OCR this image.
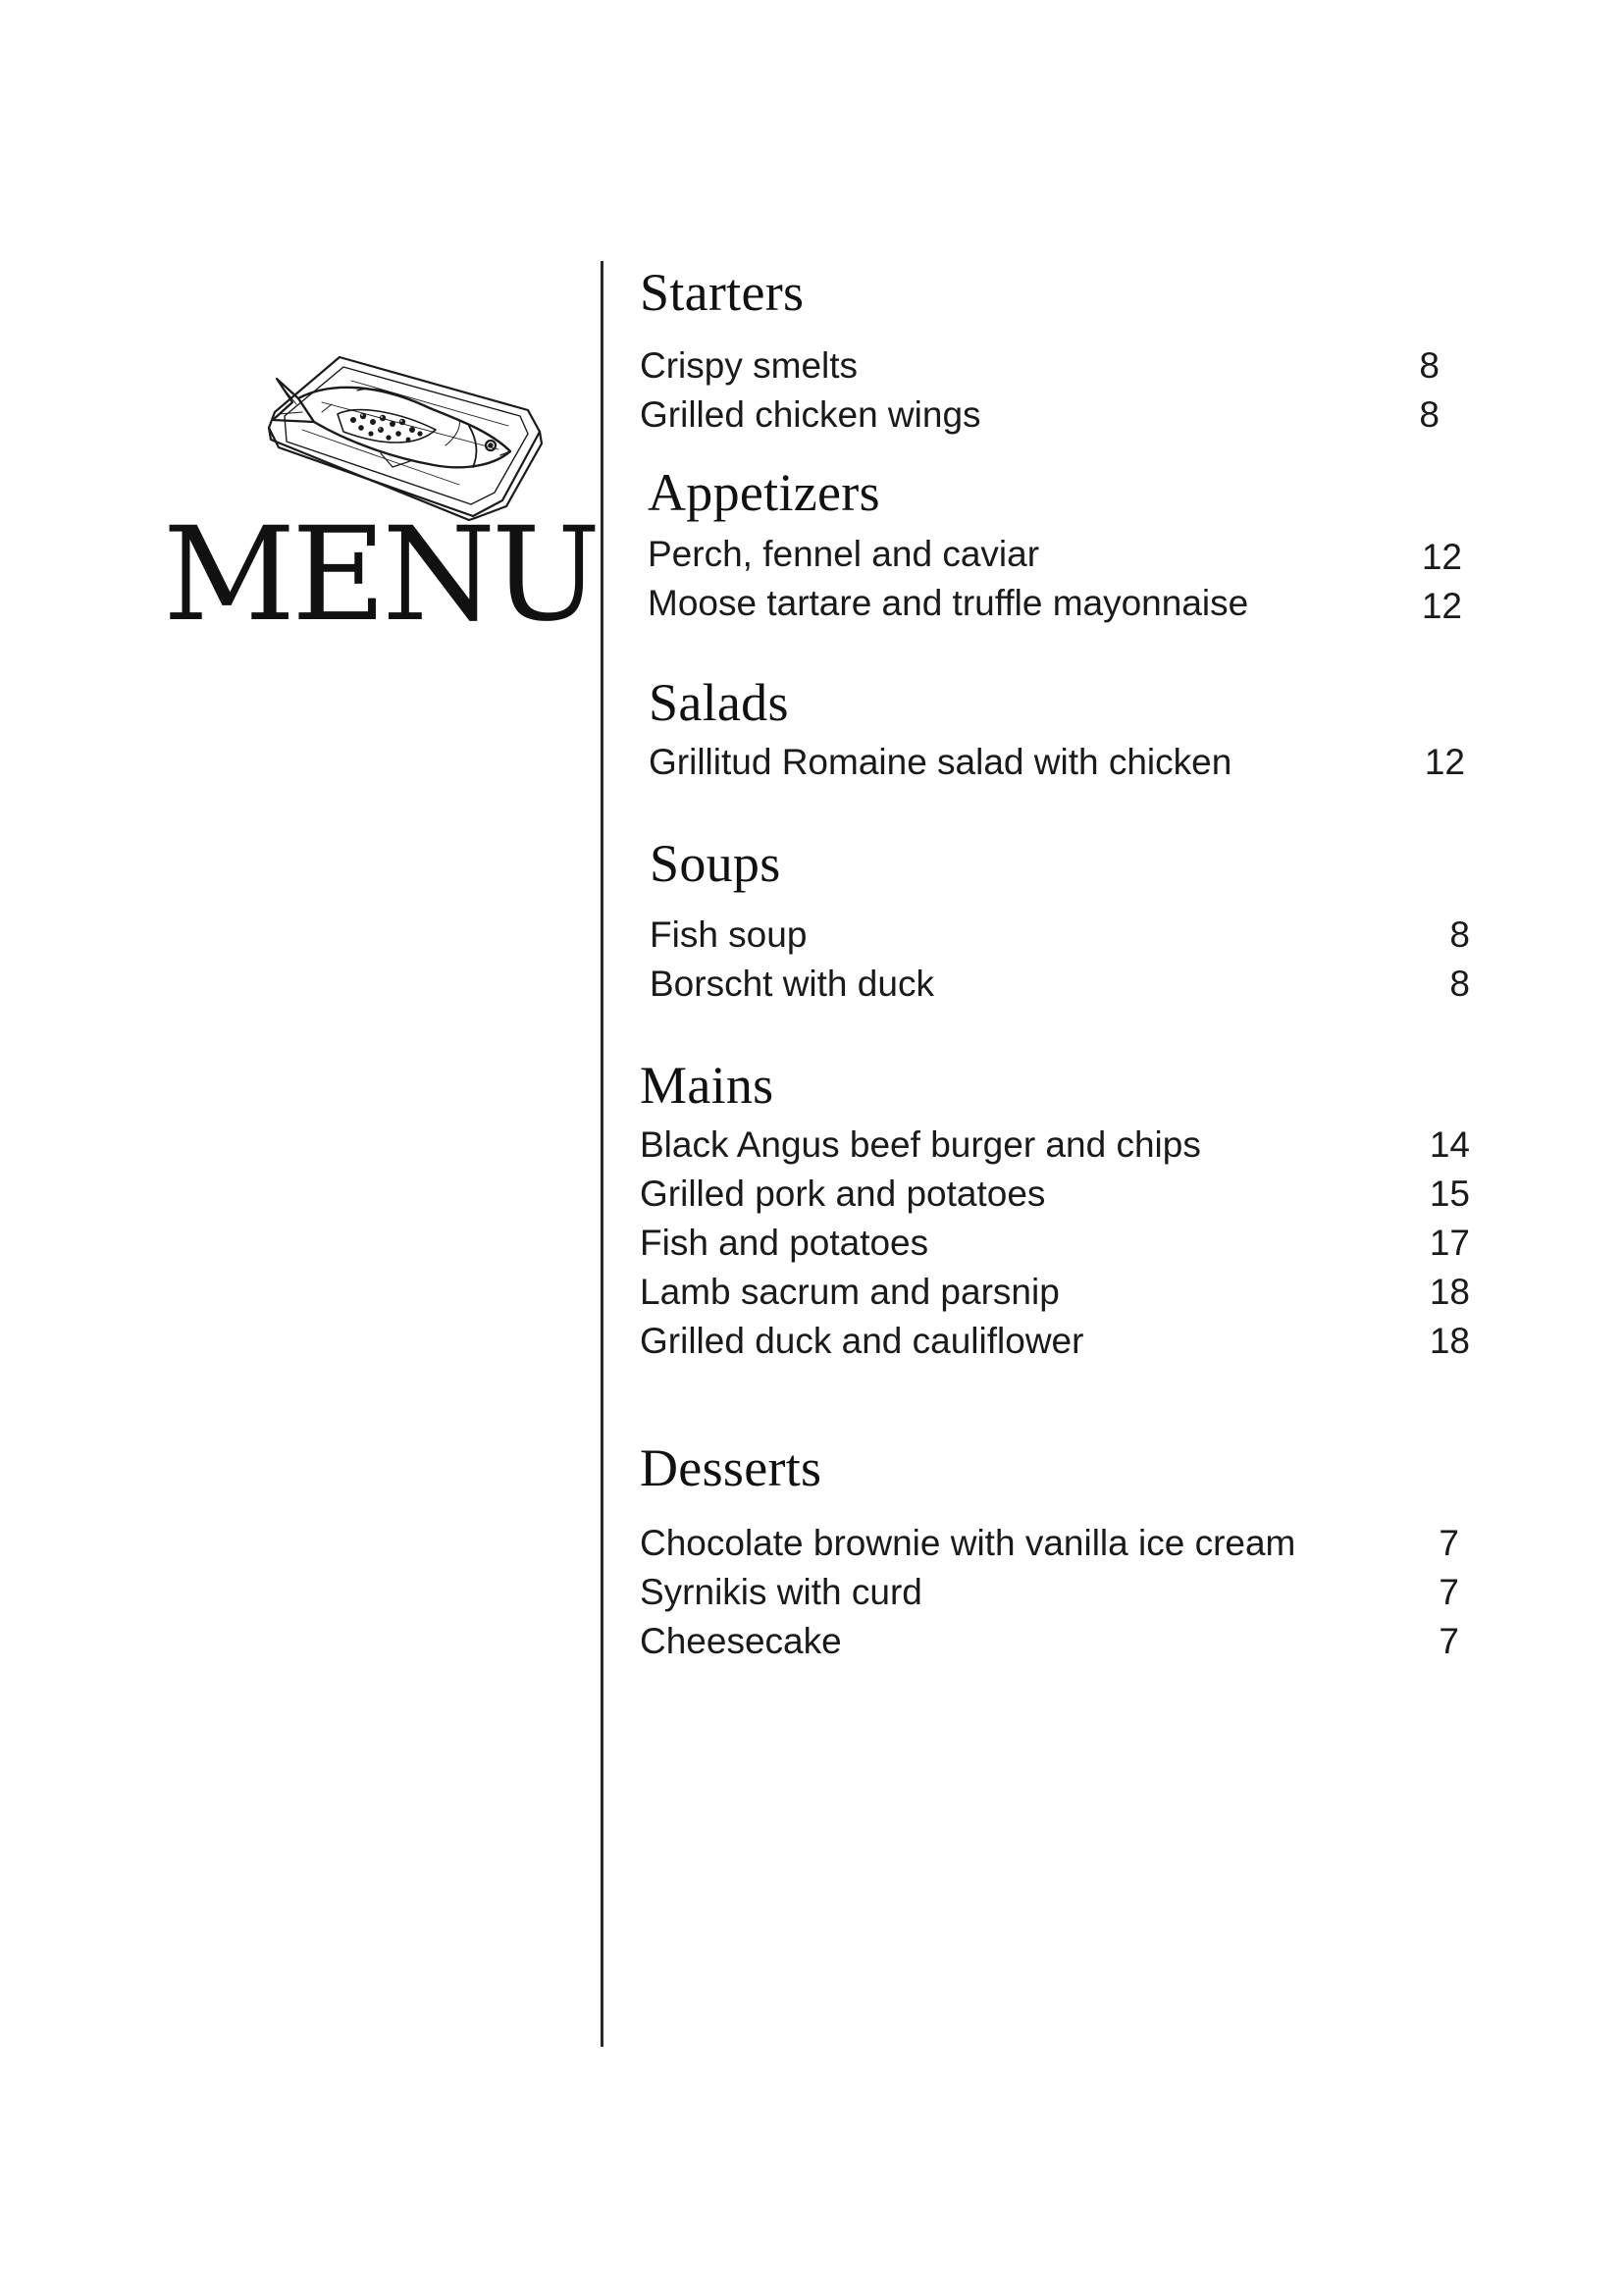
MENU
Starters
Crispy smelts	8
Grilled chicken wings	8
Appetizers
Perch, fennel and caviar	12
Moose tartare and truffle mayonnaise	12
Salads
Grillitud Romaine salad with chicken	12
Soups
Fish soup	8
Borscht with duck	8
Mains
Black Angus beef burger and chips	14
Grilled pork and potatoes	15
Fish and potatoes	17
Lamb sacrum and parsnip	18
Grilled duck and cauliflower	18
Desserts
Chocolate brownie with vanilla ice cream	7
Syrnikis with curd	7
Cheesecake	7
